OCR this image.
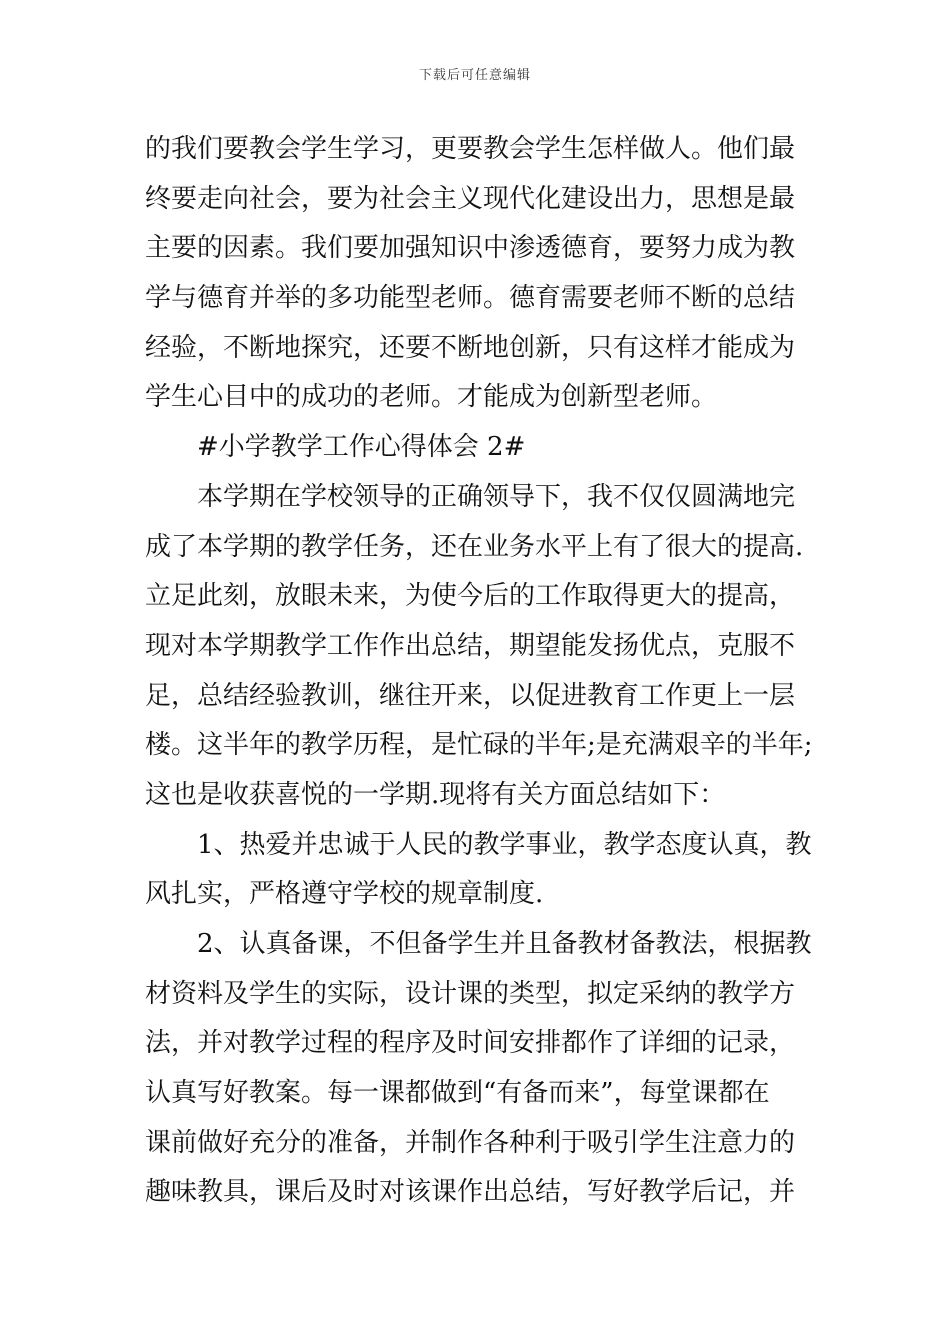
下载后可任意编辑
的我们要教会学生学习，更要教会学生怎样做人。他们最
终要走向社会，要为社会主义现代化建设出力，思想是最
主要的因素。我们要加强知识中渗透德育，要努力成为教
学与德育并举的多功能型老师。德育需要老师不断的总结
经验，不断地探究，还要不断地创新，只有这样才能成为
学生心目中的成功的老师。才能成为创新型老师。
#小学教学工作心得体会 2#
本学期在学校领导的正确领导下，我不仅仅圆满地完
成了本学期的教学任务，还在业务水平上有了很大的提高.
立足此刻，放眼未来，为使今后的工作取得更大的提高，
现对本学期教学工作作出总结，期望能发扬优点，克服不
足，总结经验教训，继往开来，以促进教育工作更上一层
楼。这半年的教学历程，是忙碌的半年;是充满艰辛的半年;
这也是收获喜悦的一学期.现将有关方面总结如下：
1、热爱并忠诚于人民的教学事业，教学态度认真，教
风扎实，严格遵守学校的规章制度.
2、认真备课，不但备学生并且备教材备教法，根据教
材资料及学生的实际，设计课的类型，拟定采纳的教学方
法，并对教学过程的程序及时间安排都作了详细的记录，
认真写好教案。每一课都做到“有备而来”，每堂课都在
课前做好充分的准备，并制作各种利于吸引学生注意力的
趣味教具，课后及时对该课作出总结，写好教学后记，并
